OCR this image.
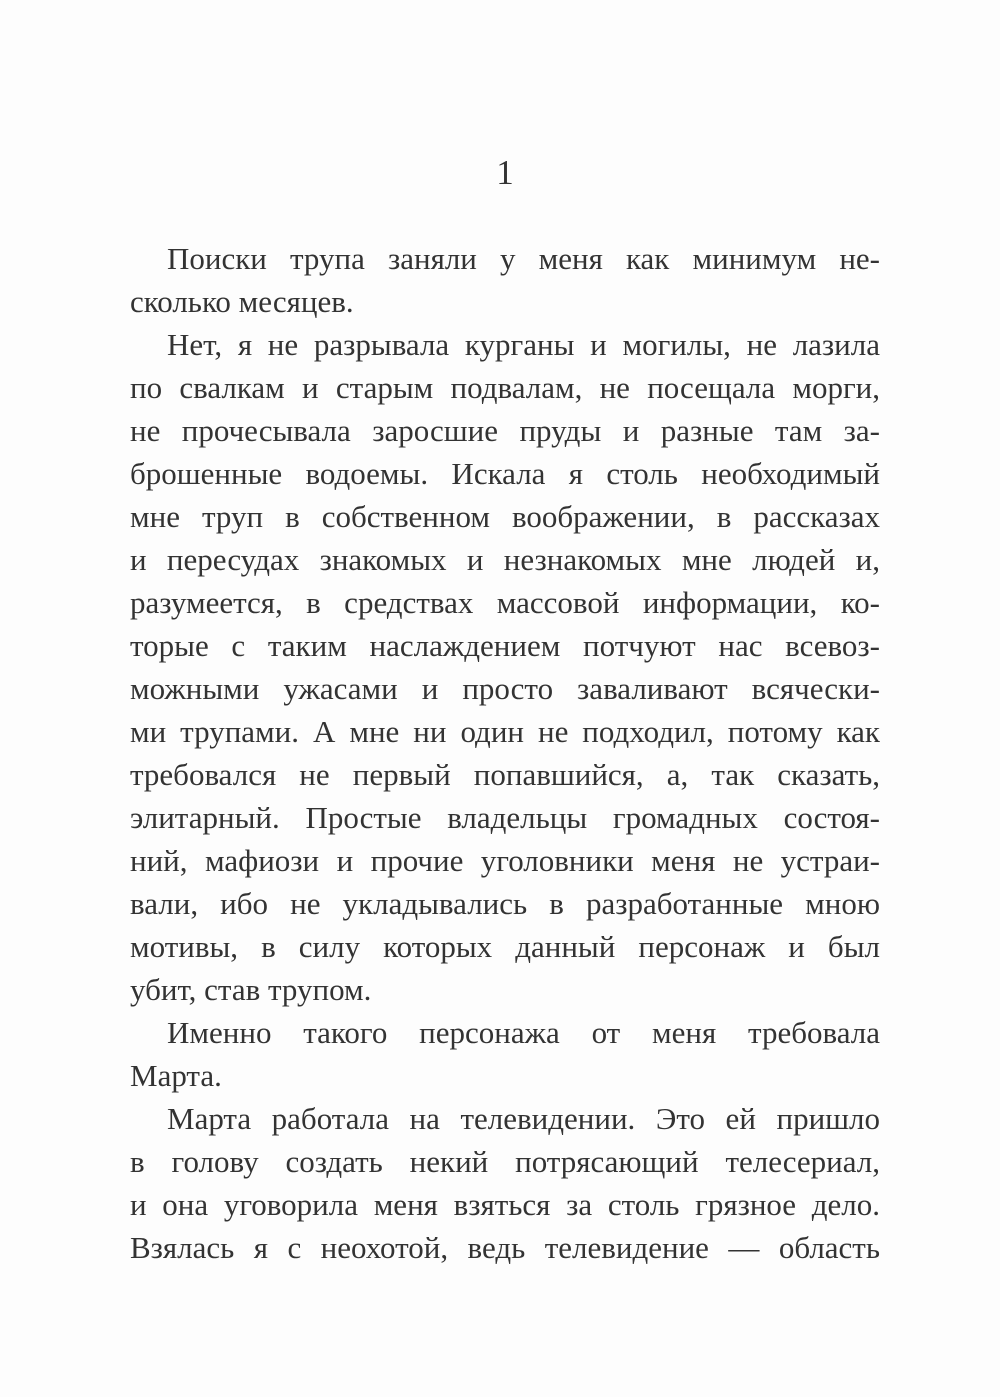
1
Поиски трупа заняли у меня как минимум не-
сколько месяцев.
Нет, я не разрывала курганы и могилы, не лазила
по свалкам и старым подвалам, не посещала морги,
не прочесывала заросшие пруды и разные там за-
брошенные водоемы. Искала я столь необходимый
мне труп в собственном воображении, в рассказах
и пересудах знакомых и незнакомых мне людей и,
разумеется, в средствах массовой информации, ко-
торые с таким наслаждением потчуют нас всевоз-
можными ужасами и просто заваливают всячески-
ми трупами. А мне ни один не подходил, потому как
требовался не первый попавшийся, а, так сказать,
элитарный. Простые владельцы громадных состоя-
ний, мафиози и прочие уголовники меня не устраи-
вали, ибо не укладывались в разработанные мною
мотивы, в силу которых данный персонаж и был
убит, став трупом.
Именно такого персонажа от меня требовала
Марта.
Марта работала на телевидении. Это ей пришло
в голову создать некий потрясающий телесериал,
и она уговорила меня взяться за столь грязное дело.
Взялась я с неохотой, ведь телевидение — область
